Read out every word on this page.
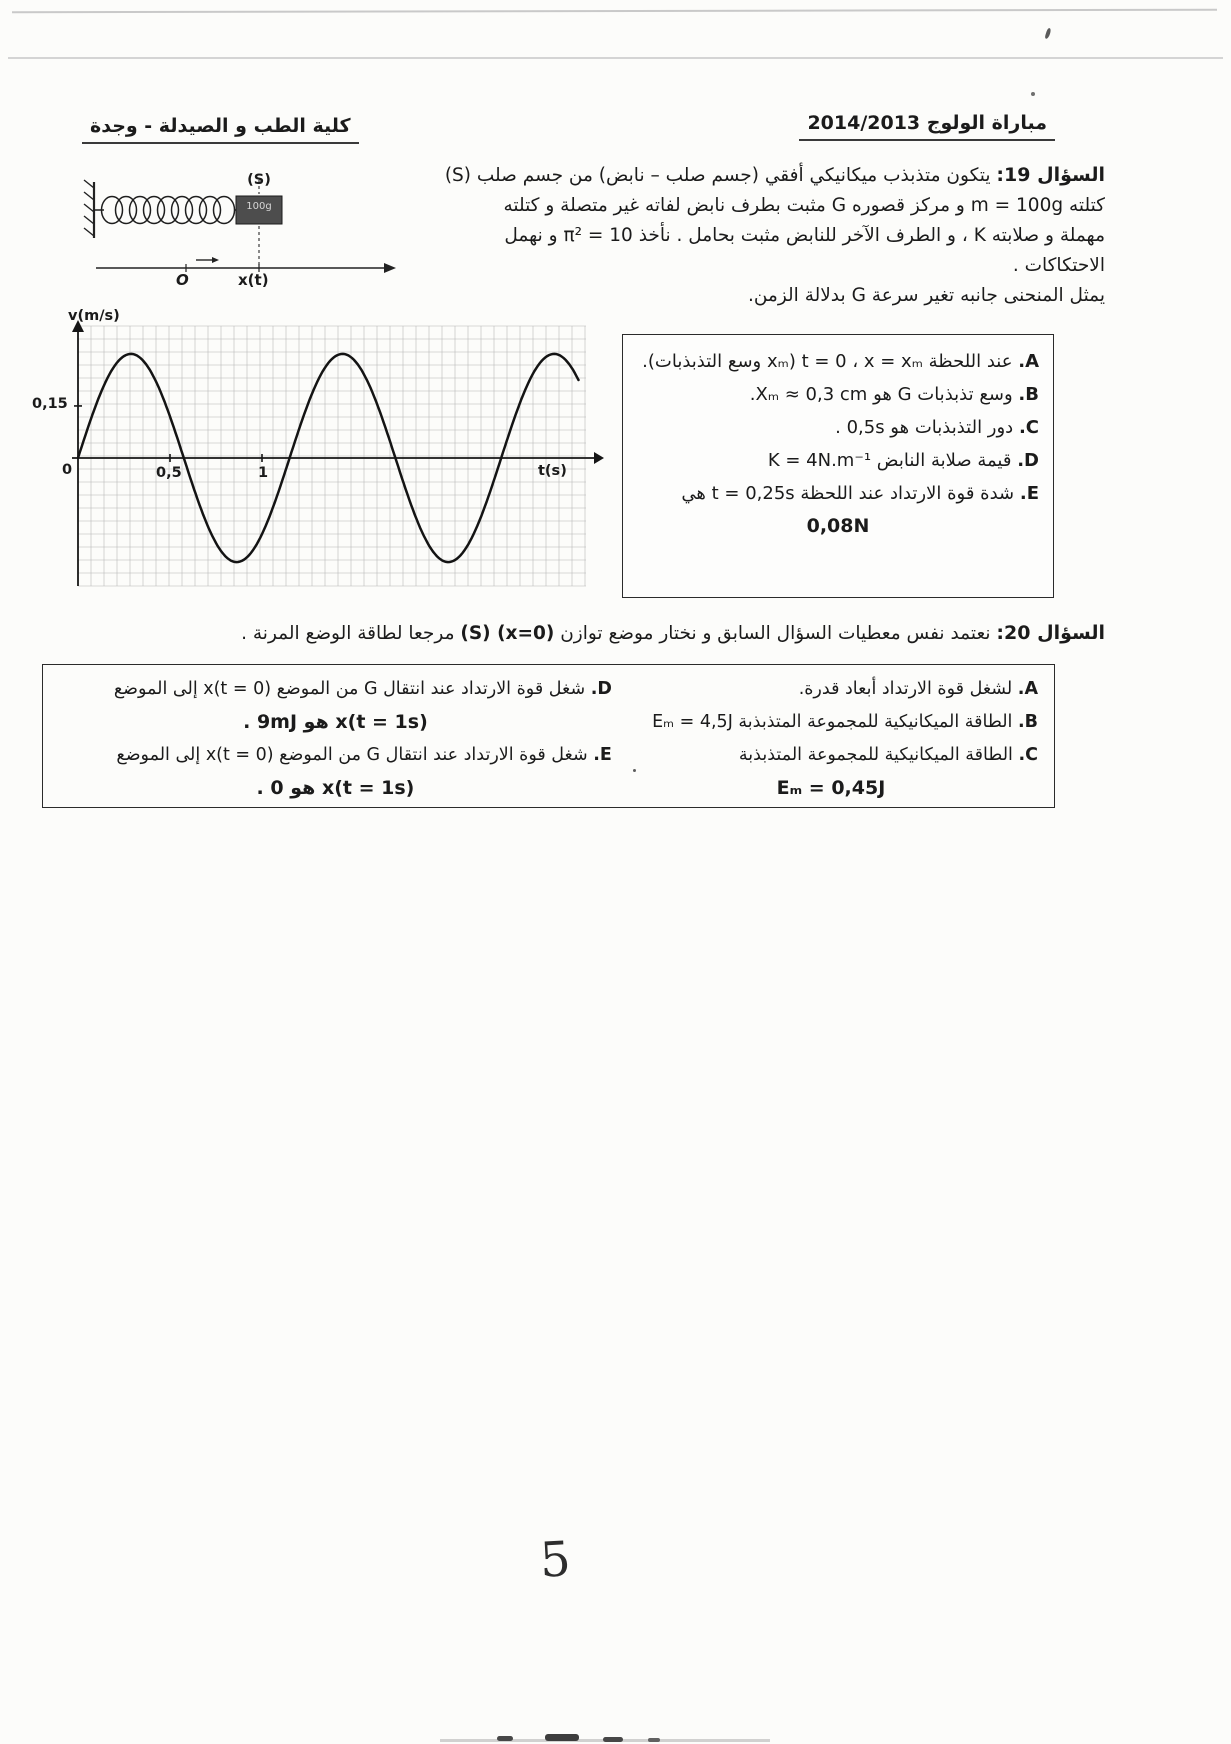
مباراة الولوج 2014/2013
كلية الطب و الصيدلة - وجدة
السؤال 19: يتكون متذبذب ميكانيكي أفقي (جسم صلب – نابض) من جسم صلب (S)
كتلته m = 100g و مركز قصوره G مثبت بطرف نابض لفاته غير متصلة و كتلته
مهملة و صلابته K ، و الطرف الآخر للنابض مثبت بحامل . نأخذ π² = 10 و نهمل
الاحتكاكات .
يمثل المنحنى جانبه تغير سرعة G بدلالة الزمن.
(S)
100g
O	x(t)
v(m/s)
0,15
0	0,5	1	t(s)
A. عند اللحظة t = 0 ، x = xₘ (xₘ وسع التذبذبات).
B. وسع تذبذبات G هو Xₘ ≈ 0,3 cm.
C. دور التذبذبات هو 0,5s .
D. قيمة صلابة النابض K = 4N.m⁻¹
E. شدة قوة الارتداد عند اللحظة t = 0,25s هي
0,08N
السؤال 20: نعتمد نفس معطيات السؤال السابق و نختار موضع توازن (x=0) (S) مرجعا لطاقة الوضع المرنة .
A. لشغل قوة الارتداد أبعاد قدرة.
B. الطاقة الميكانيكية للمجموعة المتذبذبة Eₘ = 4,5J
C. الطاقة الميكانيكية للمجموعة المتذبذبة
Eₘ = 0,45J
D. شغل قوة الارتداد عند انتقال G من الموضع x(t = 0) إلى الموضع
x(t = 1s) هو 9mJ .
E. شغل قوة الارتداد عند انتقال G من الموضع x(t = 0) إلى الموضع
x(t = 1s) هو 0 .
5
